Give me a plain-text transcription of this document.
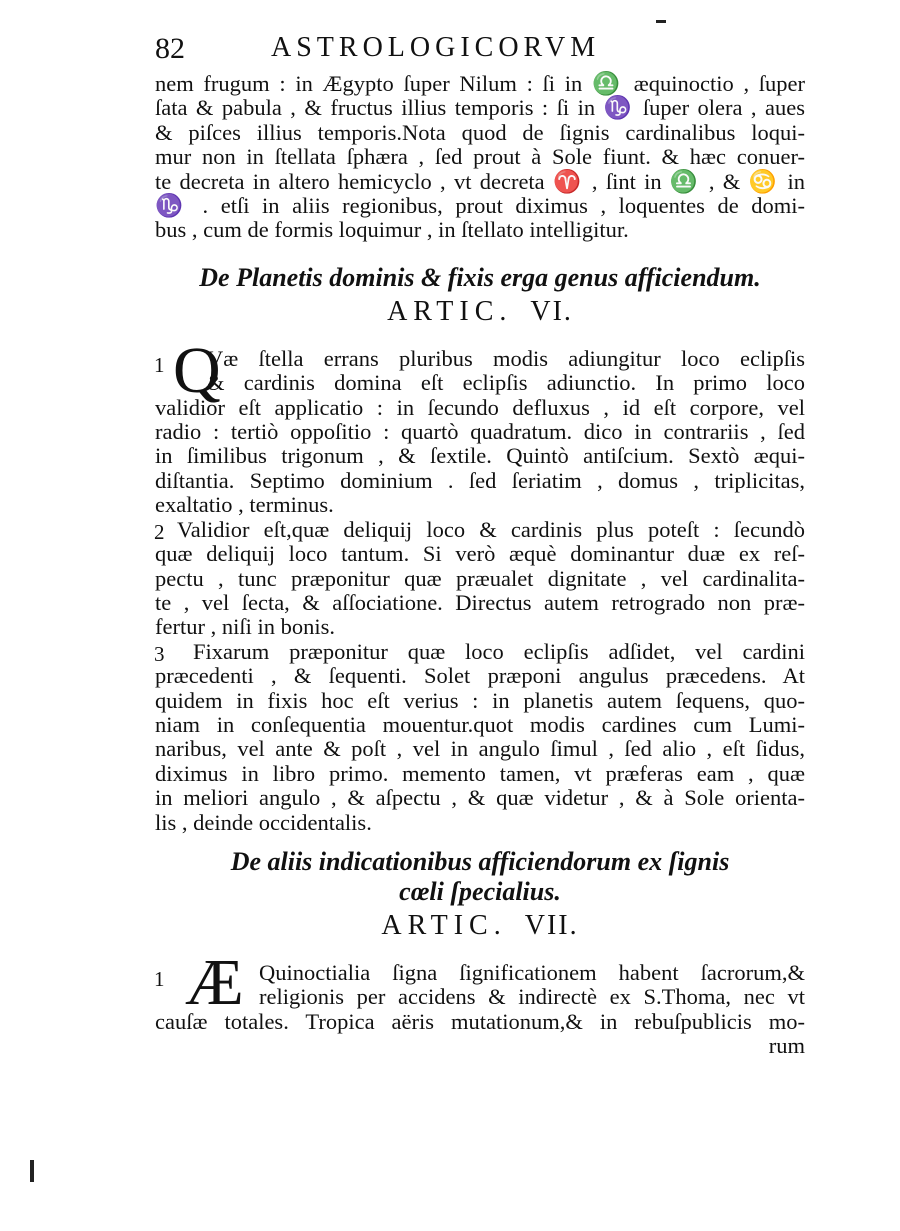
82	ASTROLOGICORVM
nem frugum : in Ægypto ſuper Nilum : ſi in ♎ æquinoctio , ſuper
ſata & pabula , & fructus illius temporis : ſi in ♑ ſuper olera , aues
& piſces illius temporis.Nota quod de ſignis cardinalibus loqui-
mur non in ſtellata ſphæra , ſed prout à Sole fiunt. & hæc conuer-
te decreta in altero hemicyclo , vt decreta ♈ , ſint in ♎ , & ♋ in
♑ . etſi in aliis regionibus, prout diximus , loquentes de domi-
bus , cum de formis loquimur , in ſtellato intelligitur.
De Planetis dominis & fixis erga genus afficiendum.
ARTIC. VI.
1 Q
Væ ſtella errans pluribus modis adiungitur loco eclipſis
& cardinis domina eſt eclipſis adiunctio. In primo loco
validior eſt applicatio : in ſecundo defluxus , id eſt corpore, vel
radio : tertiò oppoſitio : quartò quadratum. dico in contrariis , ſed
in ſimilibus trigonum , & ſextile. Quintò antiſcium. Sextò æqui-
diſtantia. Septimo dominium . ſed ſeriatim , domus , triplicitas,
exaltatio , terminus.
2 Validior eſt,quæ deliquij loco & cardinis plus poteſt : ſecundò
quæ deliquij loco tantum. Si verò æquè dominantur duæ ex reſ-
pectu , tunc præponitur quæ præualet dignitate , vel cardinalita-
te , vel ſecta, & aſſociatione. Directus autem retrogrado non præ-
fertur , niſi in bonis.
3	Fixarum præponitur quæ loco eclipſis adſidet, vel cardini
præcedenti , & ſequenti. Solet præponi angulus præcedens. At
quidem in fixis hoc eſt verius : in planetis autem ſequens, quo-
niam in conſequentia mouentur.quot modis cardines cum Lumi-
naribus, vel ante & poſt , vel in angulo ſimul , ſed alio , eſt ſidus,
diximus in libro primo. memento tamen, vt præferas eam , quæ
in meliori angulo , & aſpectu , & quæ videtur , & à Sole orienta-
lis , deinde occidentalis.
De aliis indicationibus afficiendorum ex ſignis
cœli ſpecialius.
ARTIC. VII.
1 Æ Quinoctialia ſigna ſignificationem habent ſacrorum,&
religionis per accidens & indirectè ex S.Thoma, nec vt
cauſæ totales. Tropica aëris mutationum,& in rebuſpublicis mo-
rum
